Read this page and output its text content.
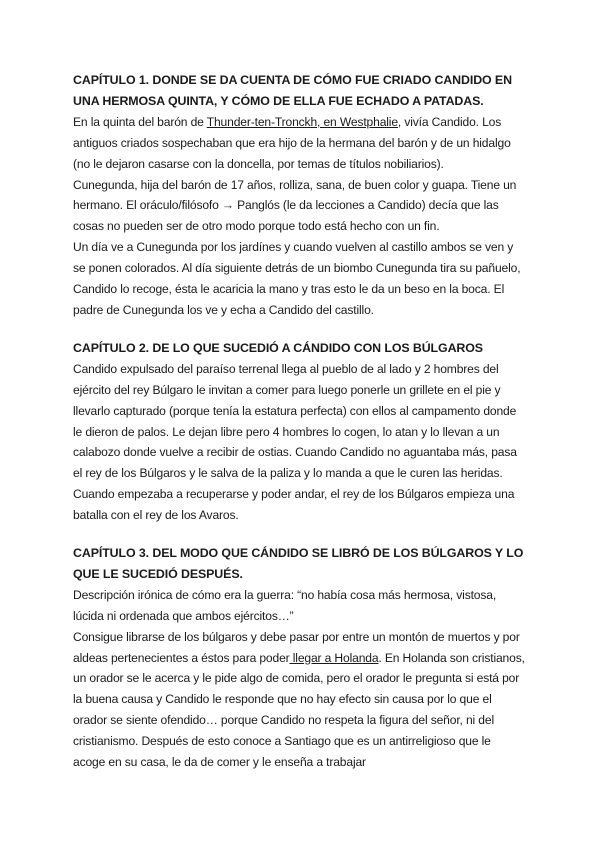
CAPÍTULO 1. DONDE SE DA CUENTA DE CÓMO FUE CRIADO CANDIDO EN UNA HERMOSA QUINTA, Y CÓMO DE ELLA FUE ECHADO A PATADAS.

En la quinta del barón de Thunder-ten-Tronckh, en Westphalie, vivía Candido. Los antiguos criados sospechaban que era hijo de la hermana del barón y de un hidalgo (no le dejaron casarse con la doncella, por temas de títulos nobiliarios).

Cunegunda, hija del barón de 17 años, rolliza, sana, de buen color y guapa. Tiene un hermano. El oráculo/filósofo → Panglós (le da lecciones a Candido) decía que las cosas no pueden ser de otro modo porque todo está hecho con un fin.

Un día ve a Cunegunda por los jardínes y cuando vuelven al castillo ambos se ven y se ponen colorados. Al día siguiente detrás de un biombo Cunegunda tira su pañuelo, Candido lo recoge, ésta le acaricia la mano y tras esto le da un beso en la boca. El padre de Cunegunda los ve y echa a Candido del castillo.

CAPÍTULO 2. DE LO QUE SUCEDIÓ A CÁNDIDO CON LOS BÚLGAROS

Candido expulsado del paraíso terrenal llega al pueblo de al lado y 2 hombres del ejército del rey Búlgaro le invitan a comer para luego ponerle un grillete en el pie y llevarlo capturado (porque tenía la estatura perfecta) con ellos al campamento donde le dieron de palos. Le dejan libre pero 4 hombres lo cogen, lo atan y lo llevan a un calabozo donde vuelve a recibir de ostias. Cuando Candido no aguantaba más, pasa el rey de los Búlgaros y le salva de la paliza y lo manda a que le curen las heridas. Cuando empezaba a recuperarse y poder andar, el rey de los Búlgaros empieza una batalla con el rey de los Avaros.

CAPÍTULO 3. DEL MODO QUE CÁNDIDO SE LIBRÓ DE LOS BÚLGAROS Y LO QUE LE SUCEDIÓ DESPUÉS.

Descripción irónica de cómo era la guerra: “no había cosa más hermosa, vistosa, lúcida ni ordenada que ambos ejércitos…”

Consigue librarse de los búlgaros y debe pasar por entre un montón de muertos y por aldeas pertenecientes a éstos para poder llegar a Holanda. En Holanda son cristianos, un orador se le acerca y le pide algo de comida, pero el orador le pregunta si está por la buena causa y Candido le responde que no hay efecto sin causa por lo que el orador se siente ofendido… porque Candido no respeta la figura del señor, ni del cristianismo. Después de esto conoce a Santiago que es un antirreligioso que le acoge en su casa, le da de comer y le enseña a trabajar
